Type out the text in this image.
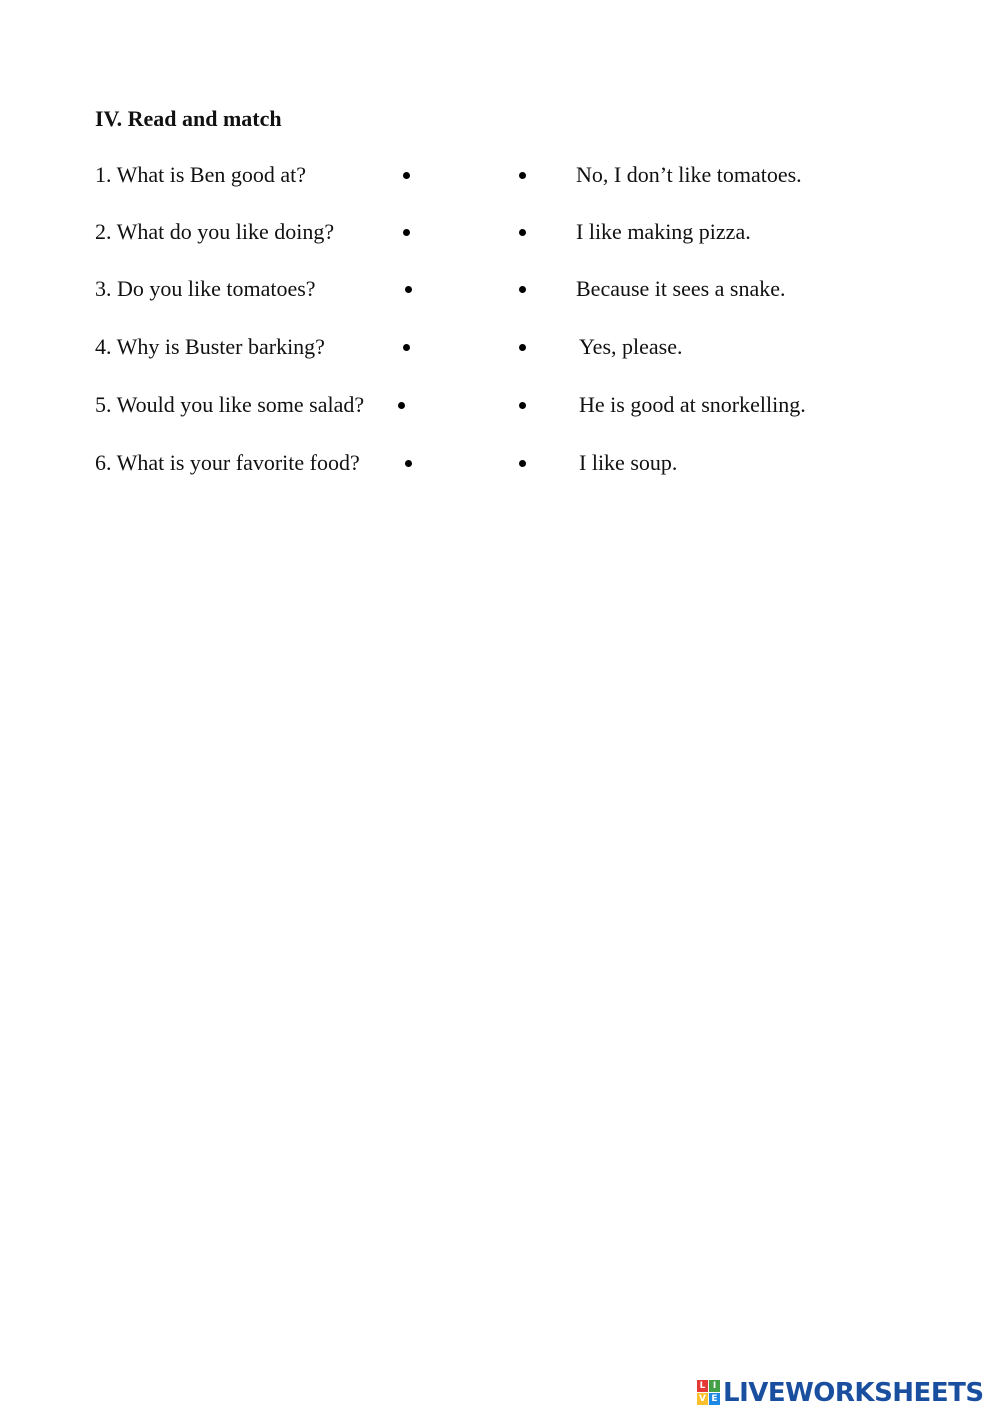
IV. Read and match
1. What is Ben good at?	No, I don’t like tomatoes.
2. What do you like doing?	I like making pizza.
3. Do you like tomatoes?	Because it sees a snake.
4. Why is Buster barking?	Yes, please.
5. Would you like some salad?	He is good at snorkelling.
6. What is your favorite food?	I like soup.
L I
V E LIVEWORKSHEETS
